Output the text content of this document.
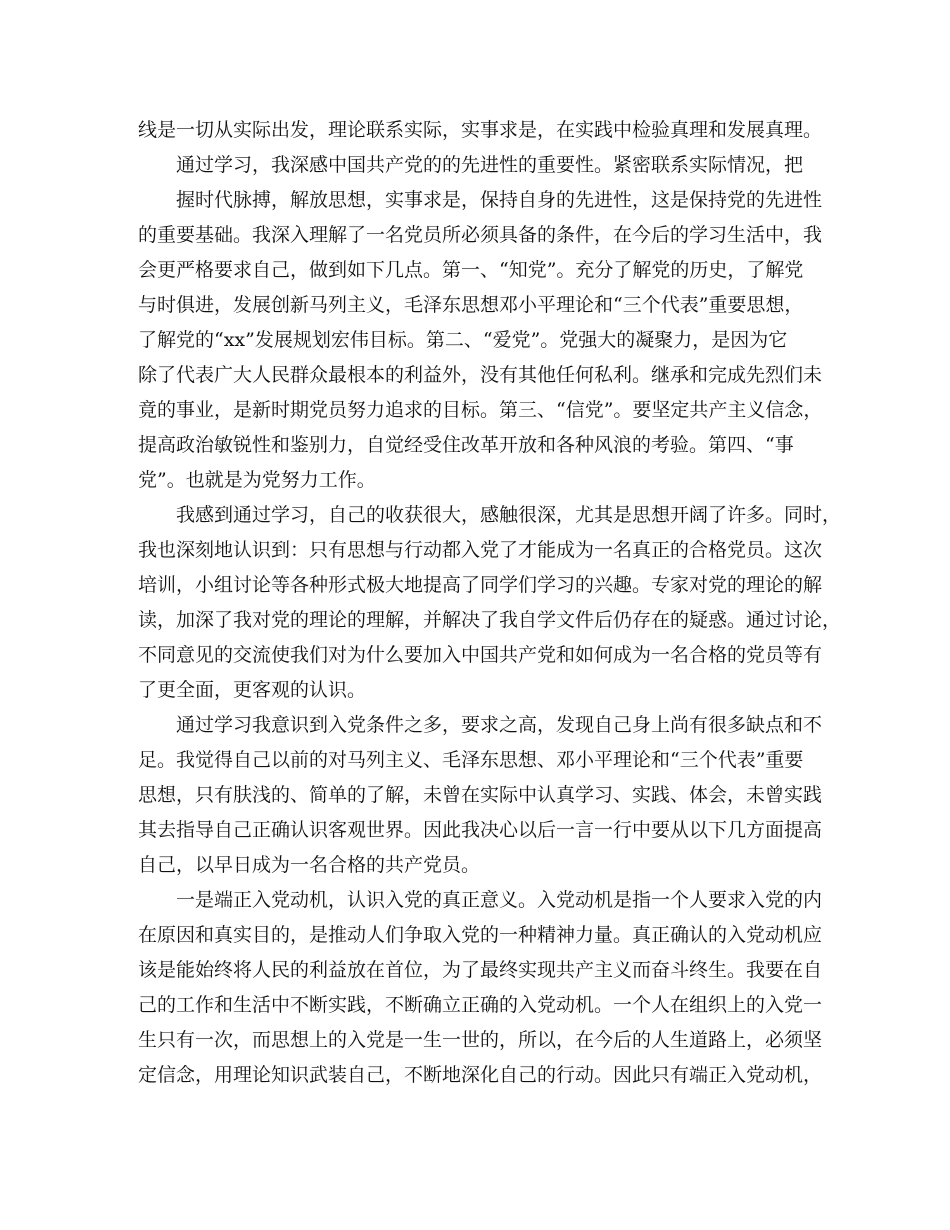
线是一切从实际出发，理论联系实际，实事求是，在实践中检验真理和发展真理。
通过学习，我深感中国共产党的的先进性的重要性。紧密联系实际情况，把
握时代脉搏，解放思想，实事求是，保持自身的先进性，这是保持党的先进性
的重要基础。我深入理解了一名党员所必须具备的条件，在今后的学习生活中，我
会更严格要求自己，做到如下几点。第一、“知党”。充分了解党的历史，了解党
与时俱进，发展创新马列主义，毛泽东思想邓小平理论和“三个代表”重要思想，
了解党的“xx”发展规划宏伟目标。第二、“爱党”。党强大的凝聚力，是因为它
除了代表广大人民群众最根本的利益外，没有其他任何私利。继承和完成先烈们未
竟的事业，是新时期党员努力追求的目标。第三、“信党”。要坚定共产主义信念，
提高政治敏锐性和鉴别力，自觉经受住改革开放和各种风浪的考验。第四、“事
党”。也就是为党努力工作。
我感到通过学习，自己的收获很大，感触很深，尤其是思想开阔了许多。同时，
我也深刻地认识到：只有思想与行动都入党了才能成为一名真正的合格党员。这次
培训，小组讨论等各种形式极大地提高了同学们学习的兴趣。专家对党的理论的解
读，加深了我对党的理论的理解，并解决了我自学文件后仍存在的疑惑。通过讨论，
不同意见的交流使我们对为什么要加入中国共产党和如何成为一名合格的党员等有
了更全面，更客观的认识。
通过学习我意识到入党条件之多，要求之高，发现自己身上尚有很多缺点和不
足。我觉得自己以前的对马列主义、毛泽东思想、邓小平理论和“三个代表”重要
思想，只有肤浅的、简单的了解，未曾在实际中认真学习、实践、体会，未曾实践
其去指导自己正确认识客观世界。因此我决心以后一言一行中要从以下几方面提高
自己，以早日成为一名合格的共产党员。
一是端正入党动机，认识入党的真正意义。入党动机是指一个人要求入党的内
在原因和真实目的，是推动人们争取入党的一种精神力量。真正确认的入党动机应
该是能始终将人民的利益放在首位，为了最终实现共产主义而奋斗终生。我要在自
己的工作和生活中不断实践，不断确立正确的入党动机。一个人在组织上的入党一
生只有一次，而思想上的入党是一生一世的，所以，在今后的人生道路上，必须坚
定信念，用理论知识武装自己，不断地深化自己的行动。因此只有端正入党动机，
